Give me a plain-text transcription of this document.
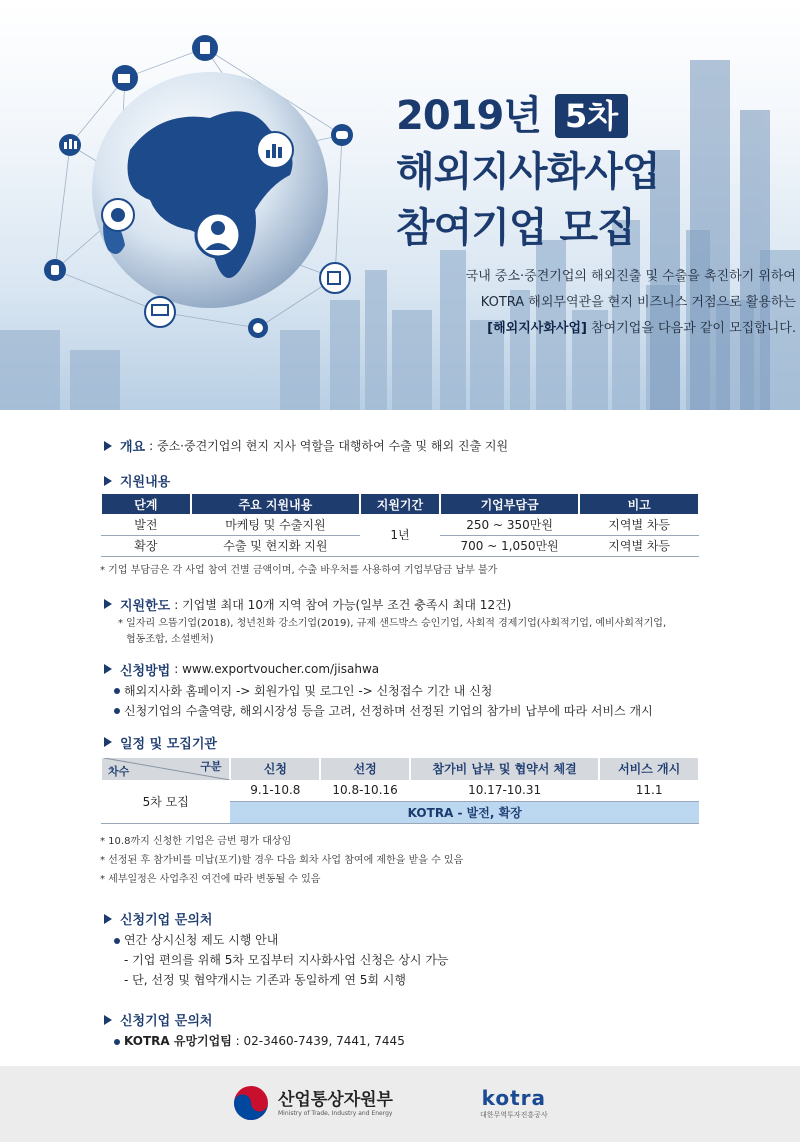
2019년 5차
해외지사화사업
참여기업 모집
국내 중소·중견기업의 해외진출 및 수출을 촉진하기 위하여
KOTRA 해외무역관을 현지 비즈니스 거점으로 활용하는
[해외지사화사업] 참여기업을 다음과 같이 모집합니다.
개요 : 중소·중견기업의 현지 지사 역할을 대행하여 수출 및 해외 진출 지원
지원내용
단계	주요 지원내용	지원기간	기업부담금	비고
발전	마케팅 및 수출지원	1년	250 ~ 350만원	지역별 차등
확장	수출 및 현지화 지원		700 ~ 1,050만원	지역별 차등
* 기업 부담금은 각 사업 참여 건별 금액이며, 수출 바우처를 사용하여 기업부담금 납부 불가
지원한도 : 기업별 최대 10개 지역 참여 가능(일부 조건 충족시 최대 12건)
* 일자리 으뜸기업(2018), 청년친화 강소기업(2019), 규제 샌드박스 승인기업, 사회적 경제기업(사회적기업, 예비사회적기업,
협동조합, 소셜벤처)
신청방법 : www.exportvoucher.com/jisahwa
해외지사화 홈페이지 -> 회원가입 및 로그인 -> 신청접수 기간 내 신청
신청기업의 수출역량, 해외시장성 등을 고려, 선정하며 선정된 기업의 참가비 납부에 따라 서비스 개시
일정 및 모집기관
구분
차수	신청	선정	참가비 납부 및 협약서 체결	서비스 개시
5차 모집	9.1-10.8	10.8-10.16	10.17-10.31	11.1
	KOTRA - 발전, 확장			
* 10.8까지 신청한 기업은 금번 평가 대상임
* 선정된 후 참가비를 미납(포기)할 경우 다음 회차 사업 참여에 제한을 받을 수 있음
* 세부일정은 사업추진 여건에 따라 변동될 수 있음
신청기업 문의처
연간 상시신청 제도 시행 안내
- 기업 편의를 위해 5차 모집부터 지사화사업 신청은 상시 가능
- 단, 선정 및 협약개시는 기존과 동일하게 연 5회 시행
신청기업 문의처
KOTRA 유망기업팀 : 02-3460-7439, 7441, 7445
산업통상자원부
Ministry of Trade, Industry and Energy
kotra
대한무역투자진흥공사
